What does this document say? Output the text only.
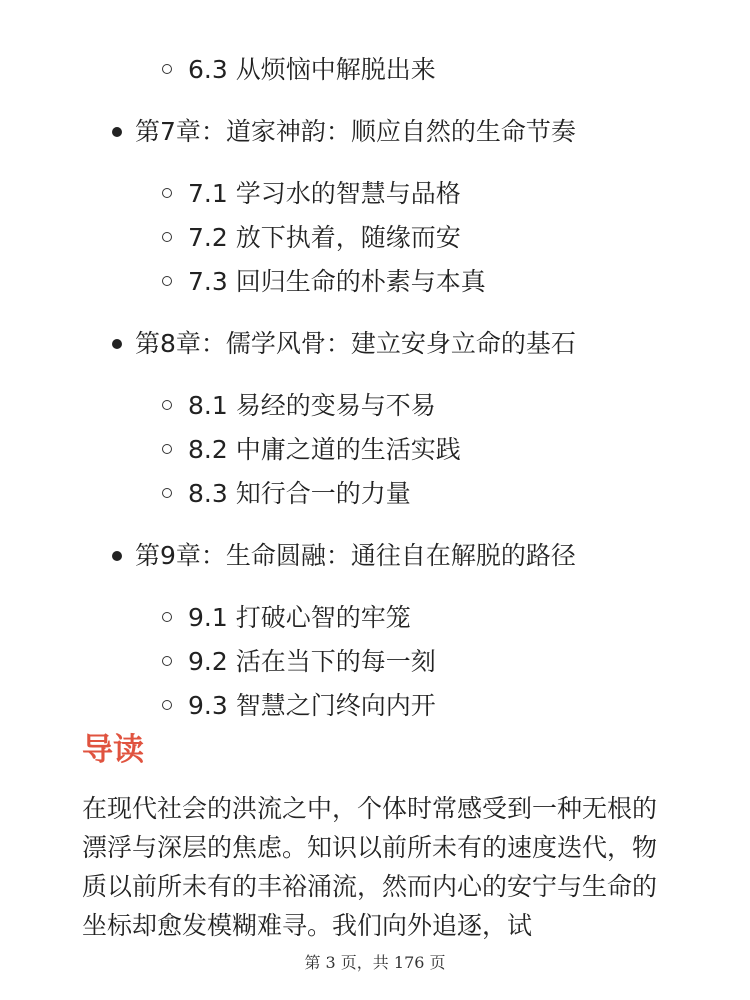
6.3 从烦恼中解脱出来
第7章：道家神韵：顺应自然的生命节奏
7.1 学习水的智慧与品格
7.2 放下执着，随缘而安
7.3 回归生命的朴素与本真
第8章：儒学风骨：建立安身立命的基石
8.1 易经的变易与不易
8.2 中庸之道的生活实践
8.3 知行合一的力量
第9章：生命圆融：通往自在解脱的路径
9.1 打破心智的牢笼
9.2 活在当下的每一刻
9.3 智慧之门终向内开
导读

在现代社会的洪流之中，个体时常感受到一种无根的漂浮与深层的焦虑。知识以前所未有的速度迭代，物质以前所未有的丰裕涌流，然而内心的安宁与生命的坐标却愈发模糊难寻。我们向外追逐，试

第 3 页，共 176 页
